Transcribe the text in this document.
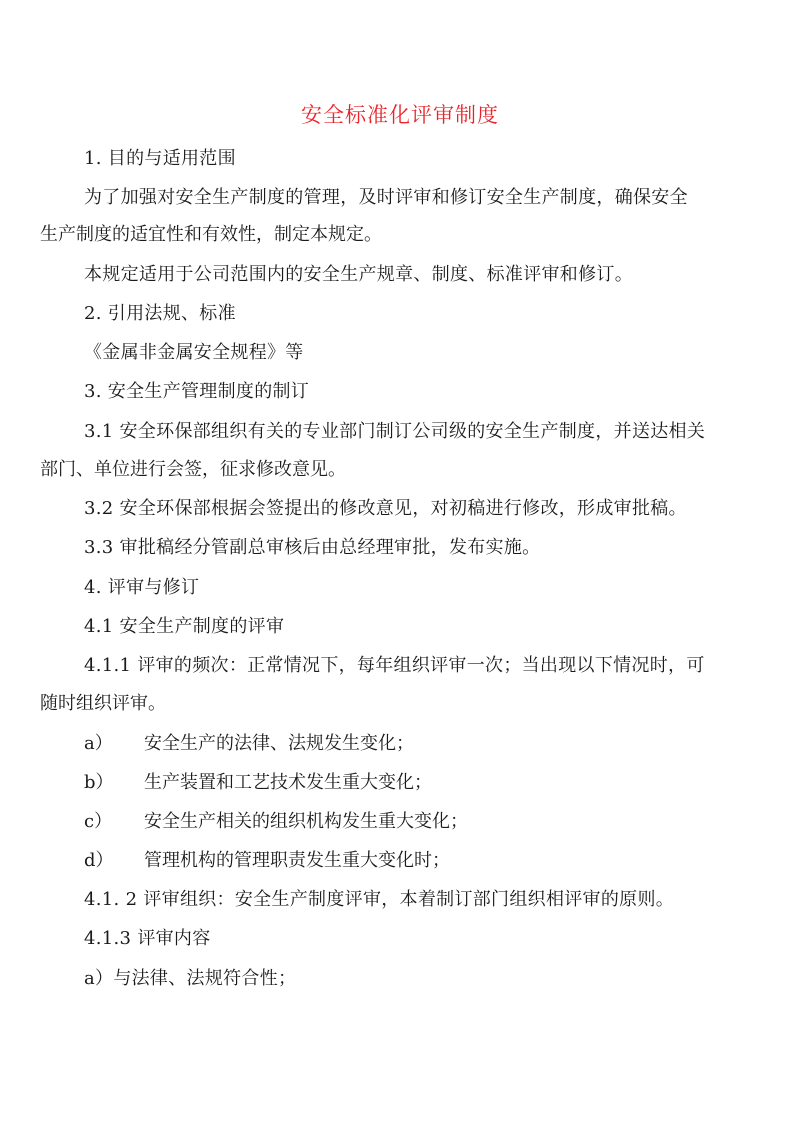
安全标准化评审制度
1. 目的与适用范围
为了加强对安全生产制度的管理，及时评审和修订安全生产制度，确保安全
生产制度的适宜性和有效性，制定本规定。
本规定适用于公司范围内的安全生产规章、制度、标准评审和修订。
2. 引用法规、标准
《金属非金属安全规程》等
3. 安全生产管理制度的制订
3.1 安全环保部组织有关的专业部门制订公司级的安全生产制度，并送达相关
部门、单位进行会签，征求修改意见。
3.2 安全环保部根据会签提出的修改意见，对初稿进行修改，形成审批稿。
3.3 审批稿经分管副总审核后由总经理审批，发布实施。
4. 评审与修订
4.1 安全生产制度的评审
4.1.1 评审的频次：正常情况下，每年组织评审一次；当出现以下情况时，可
随时组织评审。
a） 安全生产的法律、法规发生变化；
b） 生产装置和工艺技术发生重大变化；
c） 安全生产相关的组织机构发生重大变化；
d） 管理机构的管理职责发生重大变化时；
4.1. 2 评审组织：安全生产制度评审，本着制订部门组织相评审的原则。
4.1.3 评审内容
a）与法律、法规符合性；
